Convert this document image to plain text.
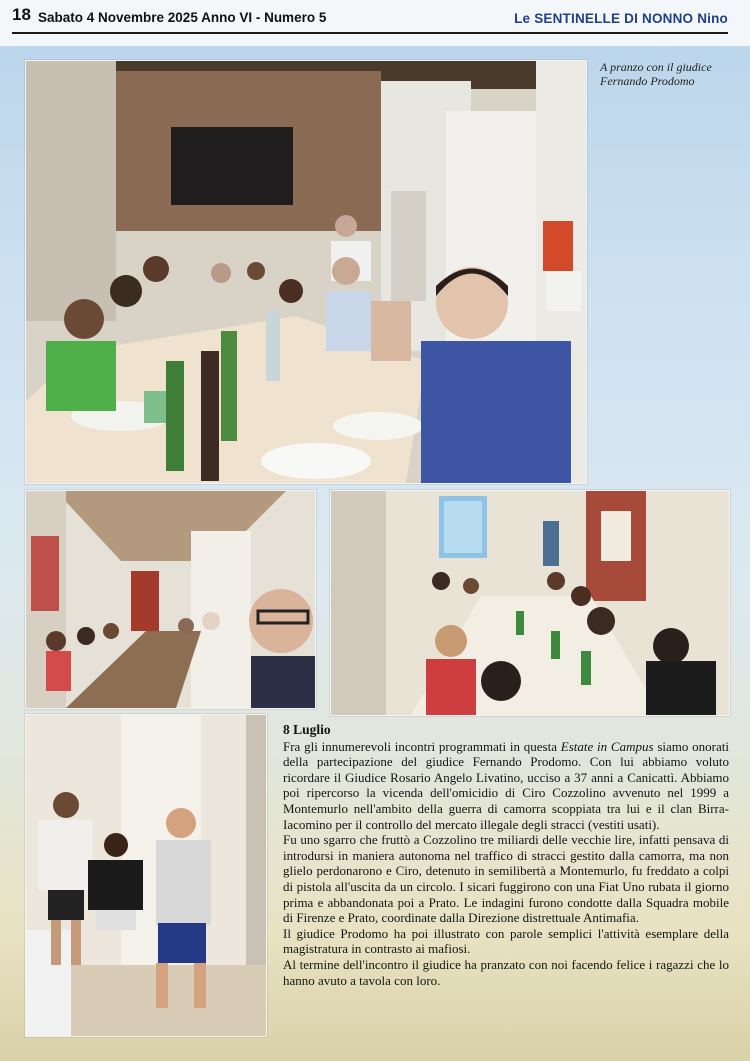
18 Sabato 4 Novembre 2025 Anno VI - Numero 5	Le SENTINELLE DI NONNO Nino
A pranzo con il giudice
Fernando Prodomo
8 Luglio

Fra gli innumerevoli incontri programmati in questa Estate in Campus siamo onorati della partecipazione del giudice Fernando Prodomo. Con lui abbiamo voluto ricordare il Giudice Rosario Angelo Livatino, ucciso a 37 anni a Canicattì. Abbiamo poi ripercorso la vicenda dell'omicidio di Ciro Cozzolino avvenuto nel 1999 a Montemurlo nell'ambito della guerra di camorra scoppiata tra lui e il clan Birra- Iacomino per il controllo del mercato illegale degli stracci (vestiti usati).

Fu uno sgarro che fruttò a Cozzolino tre miliardi delle vecchie lire, infatti pensava di introdursi in maniera autonoma nel traffico di stracci gestito dalla camorra, ma non glielo perdonarono e Ciro, detenuto in semilibertà a Montemurlo, fu freddato a colpi di pistola all'uscita da un circolo. I sicari fuggirono con una Fiat Uno rubata il giorno prima e abbandonata poi a Prato. Le indagini furono condotte dalla Squadra mobile di Firenze e Prato, coordinate dalla Direzione distrettuale Antimafia.

Il giudice Prodomo ha poi illustrato con parole semplici l'attività esemplare della magistratura in contrasto ai mafiosi.

Al termine dell'incontro il giudice ha pranzato con noi facendo felice i ragazzi che lo hanno avuto a tavola con loro.
